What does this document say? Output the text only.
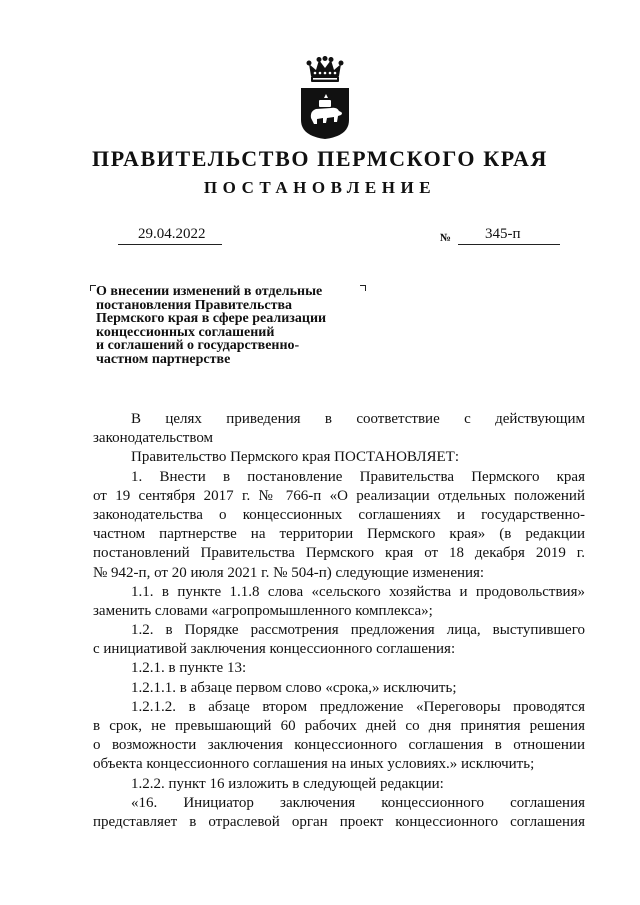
ПРАВИТЕЛЬСТВО ПЕРМСКОГО КРАЯ
ПОСТАНОВЛЕНИЕ
29.04.2022	№ 345-п
О внесении изменений в отдельные
постановления Правительства
Пермского края в сфере реализации
концессионных соглашений
и соглашений о государственно-
частном партнерстве
В целях приведения в соответствие с действующим
законодательством
Правительство Пермского края ПОСТАНОВЛЯЕТ:
1. Внести в постановление Правительства Пермского края
от 19 сентября 2017 г. № 766-п «О реализации отдельных положений
законодательства о концессионных соглашениях и государственно-
частном партнерстве на территории Пермского края» (в редакции
постановлений Правительства Пермского края от 18 декабря 2019 г.
№ 942-п, от 20 июля 2021 г. № 504-п) следующие изменения:
1.1. в пункте 1.1.8 слова «сельского хозяйства и продовольствия»
заменить словами «агропромышленного комплекса»;
1.2. в Порядке рассмотрения предложения лица, выступившего
с инициативой заключения концессионного соглашения:
1.2.1. в пункте 13:
1.2.1.1. в абзаце первом слово «срока,» исключить;
1.2.1.2. в абзаце втором предложение «Переговоры проводятся
в срок, не превышающий 60 рабочих дней со дня принятия решения
о возможности заключения концессионного соглашения в отношении
объекта концессионного соглашения на иных условиях.» исключить;
1.2.2. пункт 16 изложить в следующей редакции:
«16. Инициатор заключения концессионного соглашения
представляет в отраслевой орган проект концессионного соглашения
